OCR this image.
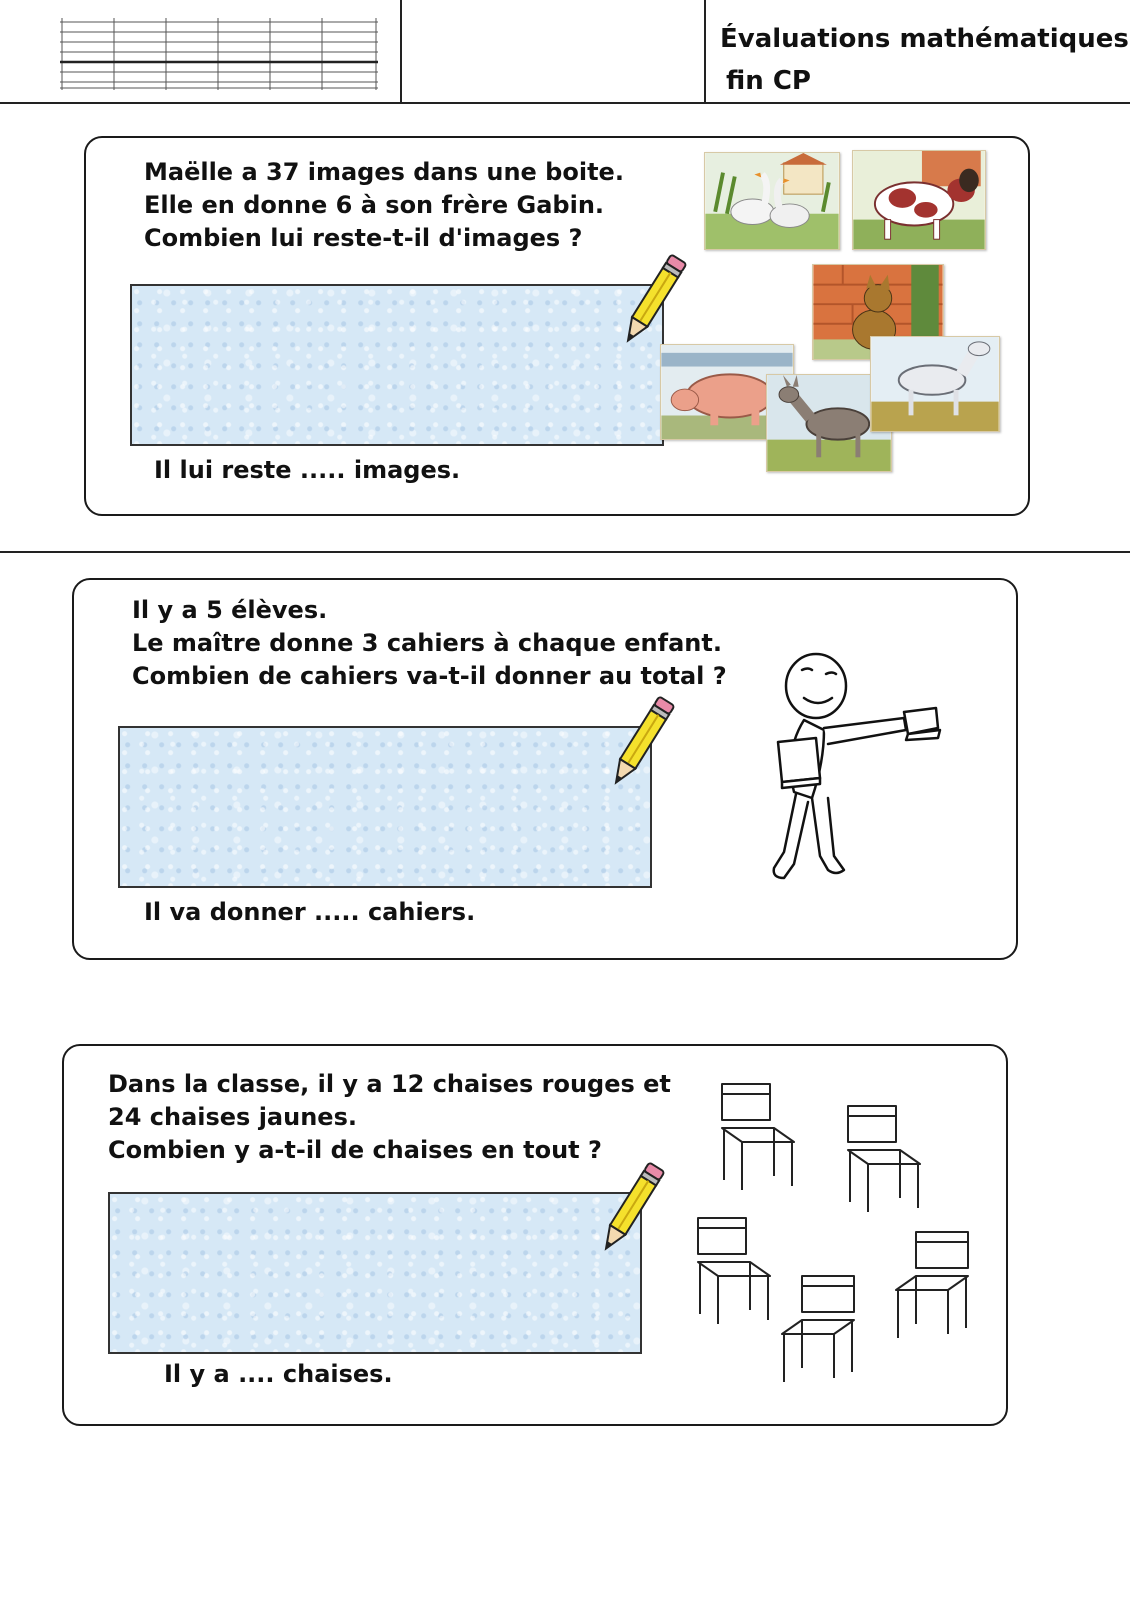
Évaluations mathématiques
fin CP
Maëlle a 37 images dans une boite.
Elle en donne 6 à son frère Gabin.
Combien lui reste-t-il d'images ?
Il lui reste ..... images.
Il y a 5 élèves.
Le maître donne 3 cahiers à chaque enfant.
Combien de cahiers va-t-il donner au total ?
Il va donner ..... cahiers.
Dans la classe, il y a 12 chaises rouges et
24 chaises jaunes.
Combien y a-t-il de chaises en tout ?
Il y a .... chaises.
